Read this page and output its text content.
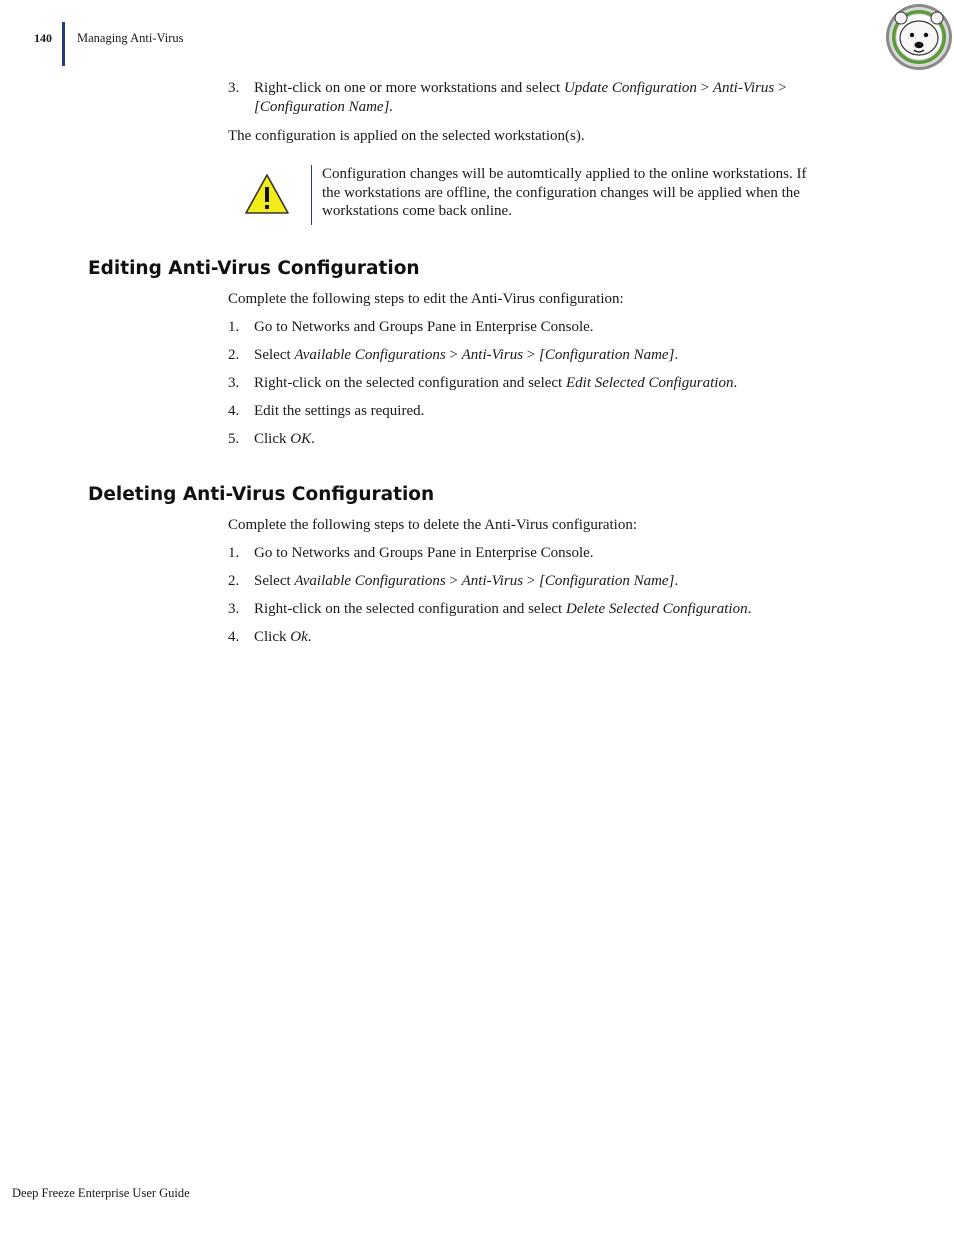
140 Managing Anti-Virus
3. Right-click on one or more workstations and select Update Configuration > Anti-Virus >
[Configuration Name].
The configuration is applied on the selected workstation(s).
Configuration changes will be automtically applied to the online workstations. If
the workstations are offline, the configuration changes will be applied when the
workstations come back online.
Editing Anti-Virus Configuration
Complete the following steps to edit the Anti-Virus configuration:
1. Go to Networks and Groups Pane in Enterprise Console.
2. Select Available Configurations > Anti-Virus > [Configuration Name].
3. Right-click on the selected configuration and select Edit Selected Configuration.
4. Edit the settings as required.
5. Click OK.
Deleting Anti-Virus Configuration
Complete the following steps to delete the Anti-Virus configuration:
1. Go to Networks and Groups Pane in Enterprise Console.
2. Select Available Configurations > Anti-Virus > [Configuration Name].
3. Right-click on the selected configuration and select Delete Selected Configuration.
4. Click Ok.
Deep Freeze Enterprise User Guide
